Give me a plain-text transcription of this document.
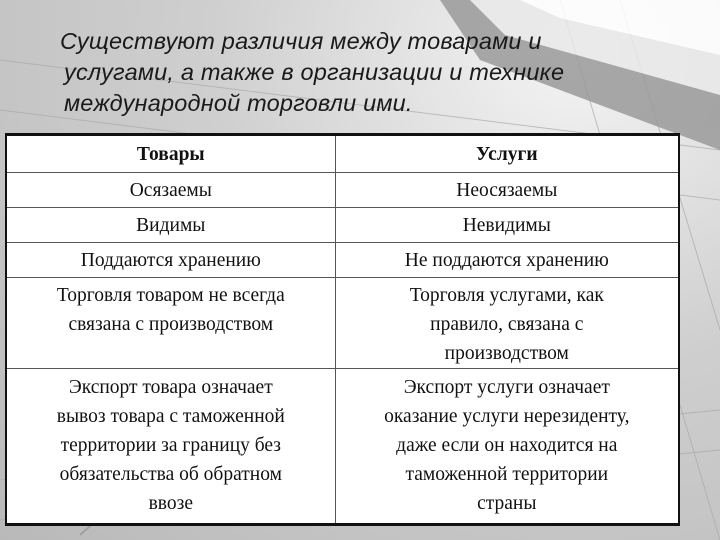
Существуют различия между товарами и
услугами, а также в организации и технике
международной торговли ими.
Товары	Услуги

Осязаемы	Неосязаемы

Видимы	Невидимы

Поддаются хранению	Не поддаются хранению

Торговля товаром не всегда
связана с производством	Торговля услугами, как
правило, связана с
производством

Экспорт товара означает
вывоз товара с таможенной
территории за границу без
обязательства об обратном
ввозе	Экспорт услуги означает
оказание услуги нерезиденту,
даже если он находится на
таможенной территории
страны
